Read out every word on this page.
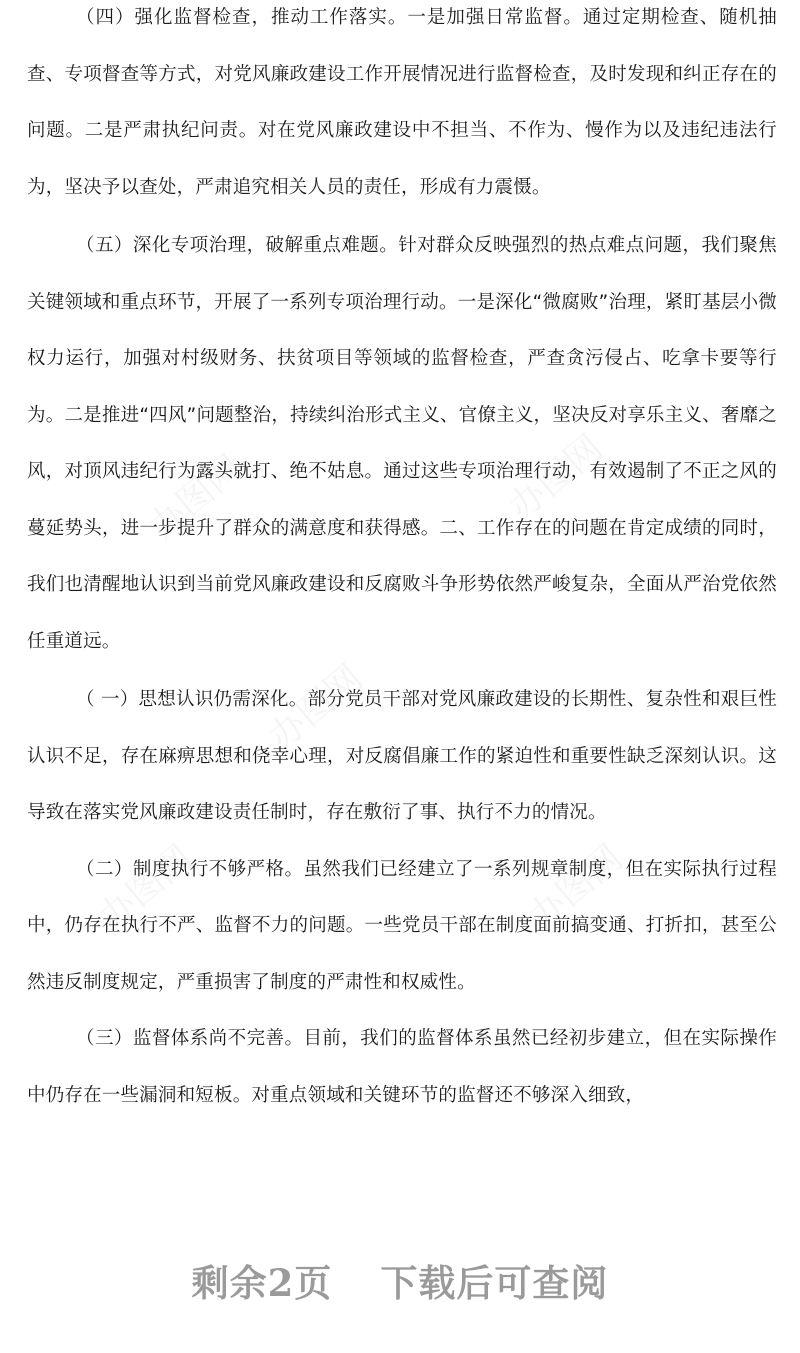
（四）强化监督检查，推动工作落实。一是加强日常监督。通过定期检查、随机抽查、专项督查等方式，对党风廉政建设工作开展情况进行监督检查，及时发现和纠正存在的问题。二是严肃执纪问责。对在党风廉政建设中不担当、不作为、慢作为以及违纪违法行为，坚决予以查处，严肃追究相关人员的责任，形成有力震慑。

（五）深化专项治理，破解重点难题。针对群众反映强烈的热点难点问题，我们聚焦关键领域和重点环节，开展了一系列专项治理行动。一是深化“微腐败”治理，紧盯基层小微权力运行，加强对村级财务、扶贫项目等领域的监督检查，严查贪污侵占、吃拿卡要等行为。二是推进“四风”问题整治，持续纠治形式主义、官僚主义，坚决反对享乐主义、奢靡之风，对顶风违纪行为露头就打、绝不姑息。通过这些专项治理行动，有效遏制了不正之风的蔓延势头，进一步提升了群众的满意度和获得感。二、工作存在的问题在肯定成绩的同时，我们也清醒地认识到当前党风廉政建设和反腐败斗争形势依然严峻复杂，全面从严治党依然任重道远。

（ 一）思想认识仍需深化。部分党员干部对党风廉政建设的长期性、复杂性和艰巨性认识不足，存在麻痹思想和侥幸心理，对反腐倡廉工作的紧迫性和重要性缺乏深刻认识。这导致在落实党风廉政建设责任制时，存在敷衍了事、执行不力的情况。

（二）制度执行不够严格。虽然我们已经建立了一系列规章制度，但在实际执行过程中，仍存在执行不严、监督不力的问题。一些党员干部在制度面前搞变通、打折扣，甚至公然违反制度规定，严重损害了制度的严肃性和权威性。

（三）监督体系尚不完善。目前，我们的监督体系虽然已经初步建立，但在实际操作中仍存在一些漏洞和短板。对重点领域和关键环节的监督还不够深入细致，

剩余2页 下载后可查阅
